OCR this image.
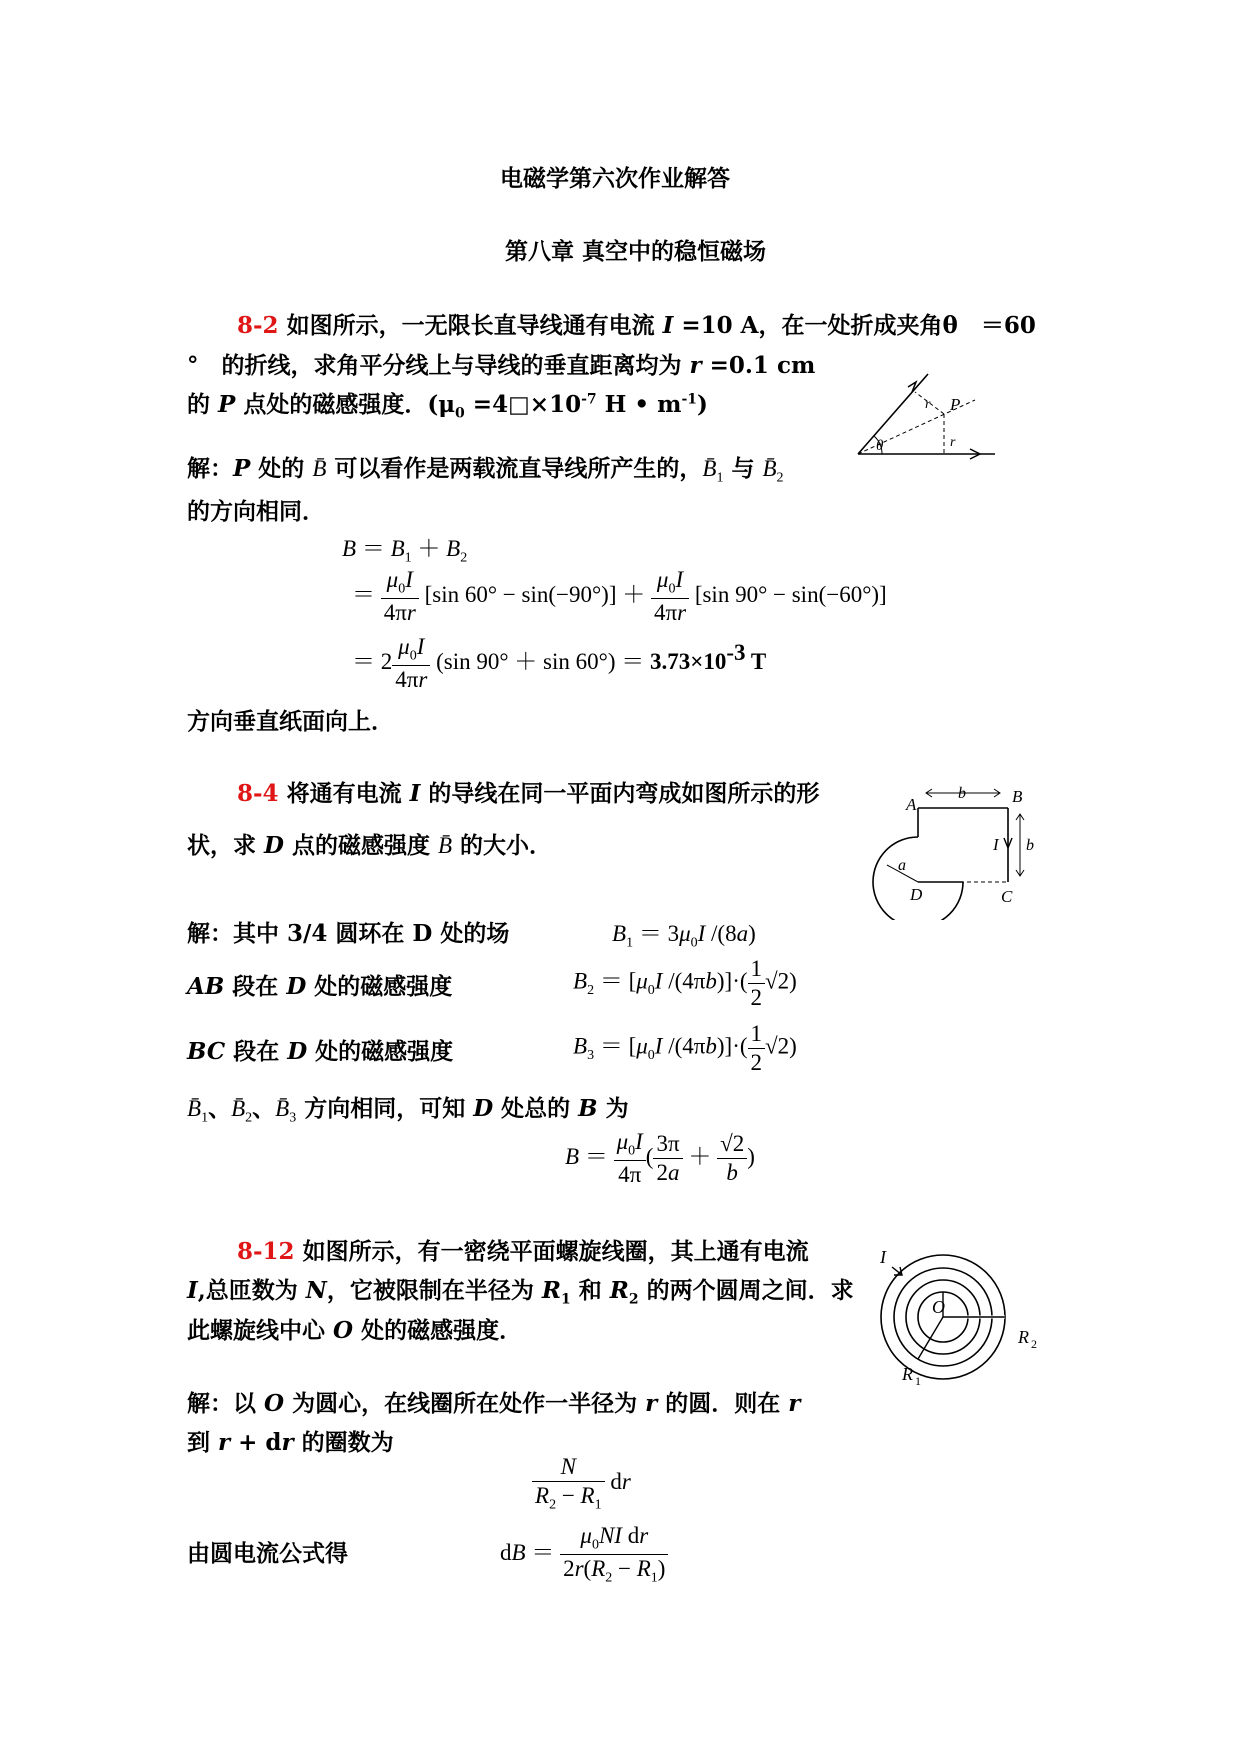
电磁学第六次作业解答
第八章 真空中的稳恒磁场
8-2 如图所示，一无限长直导线通有电流 I =10 A，在一处折成夹角θ　＝60
°　的折线，求角平分线上与导线的垂直距离均为 r =0.1 cm
的 P 点处的磁感强度．($\mu_0$ $=4□\times 10^{-7}$ H • $m^{-1}$)	P
r
r
θ
解：P 处的 B̄ 可以看作是两载流直导线所产生的，$B̄_1$ 与 $B̄_2$
的方向相同．
$B = B_1 + B_2$
＝ $\frac{\mu_0I}{4\pi r} [\sin$ $60^\circ - \sin(-90^\circ)] + \frac{\mu_0I}{4\pi r} [\sin$ 90° − sin(−60°)]
＝ $2 \frac{\mu_0I}{4\pi r} (\sin$ $90^\circ + \sin 60^\circ) = 3.73\times 10^{-3}$ T
方向垂直纸面向上．
8-4 将通有电流 I 的导线在同一平面内弯成如图所示的形
状，求 D 点的磁感强度 B̄ 的大小．
A	B
b
b
I
a
D	C
解：其中 3/4 圆环在 D 处的场	$B_1 = 3\mu_0I$ /(8a)
AB 段在 D 处的磁感强度	$B_2 = [\mu_0I$ $/(4\pi b)]\cdot( \frac{1}{2} √2)$
BC 段在 D 处的磁感强度	$B_3 = [\mu_0I$ $/(4\pi b)]\cdot( \frac{1}{2} √2)$
$B̄_1$、$B̄_2$、$B̄_3$ 方向相同，可知 D 处总的 B 为
$B = \frac{\mu_0I}{4\pi}$ ( $\frac{3\pi}{2a} + \frac{√2}{b}$ )
8-12 如图所示，有一密绕平面螺旋线圈，其上通有电流
I,总匝数为 N，它被限制在半径为 $R_1$ 和 $R_2$ 的两个圆周之间．求
此螺旋线中心 O 处的磁感强度．
I
O
R 2
R 1
解：以 O 为圆心，在线圈所在处作一半径为 r 的圆．则在 r
到 r + dr 的圈数为
$\frac{N}{R_2 - R_1}$ dr
由圆电流公式得	dB ＝ $\frac{\mu_0NI dr}{2r(R_2 - R_1)}$
